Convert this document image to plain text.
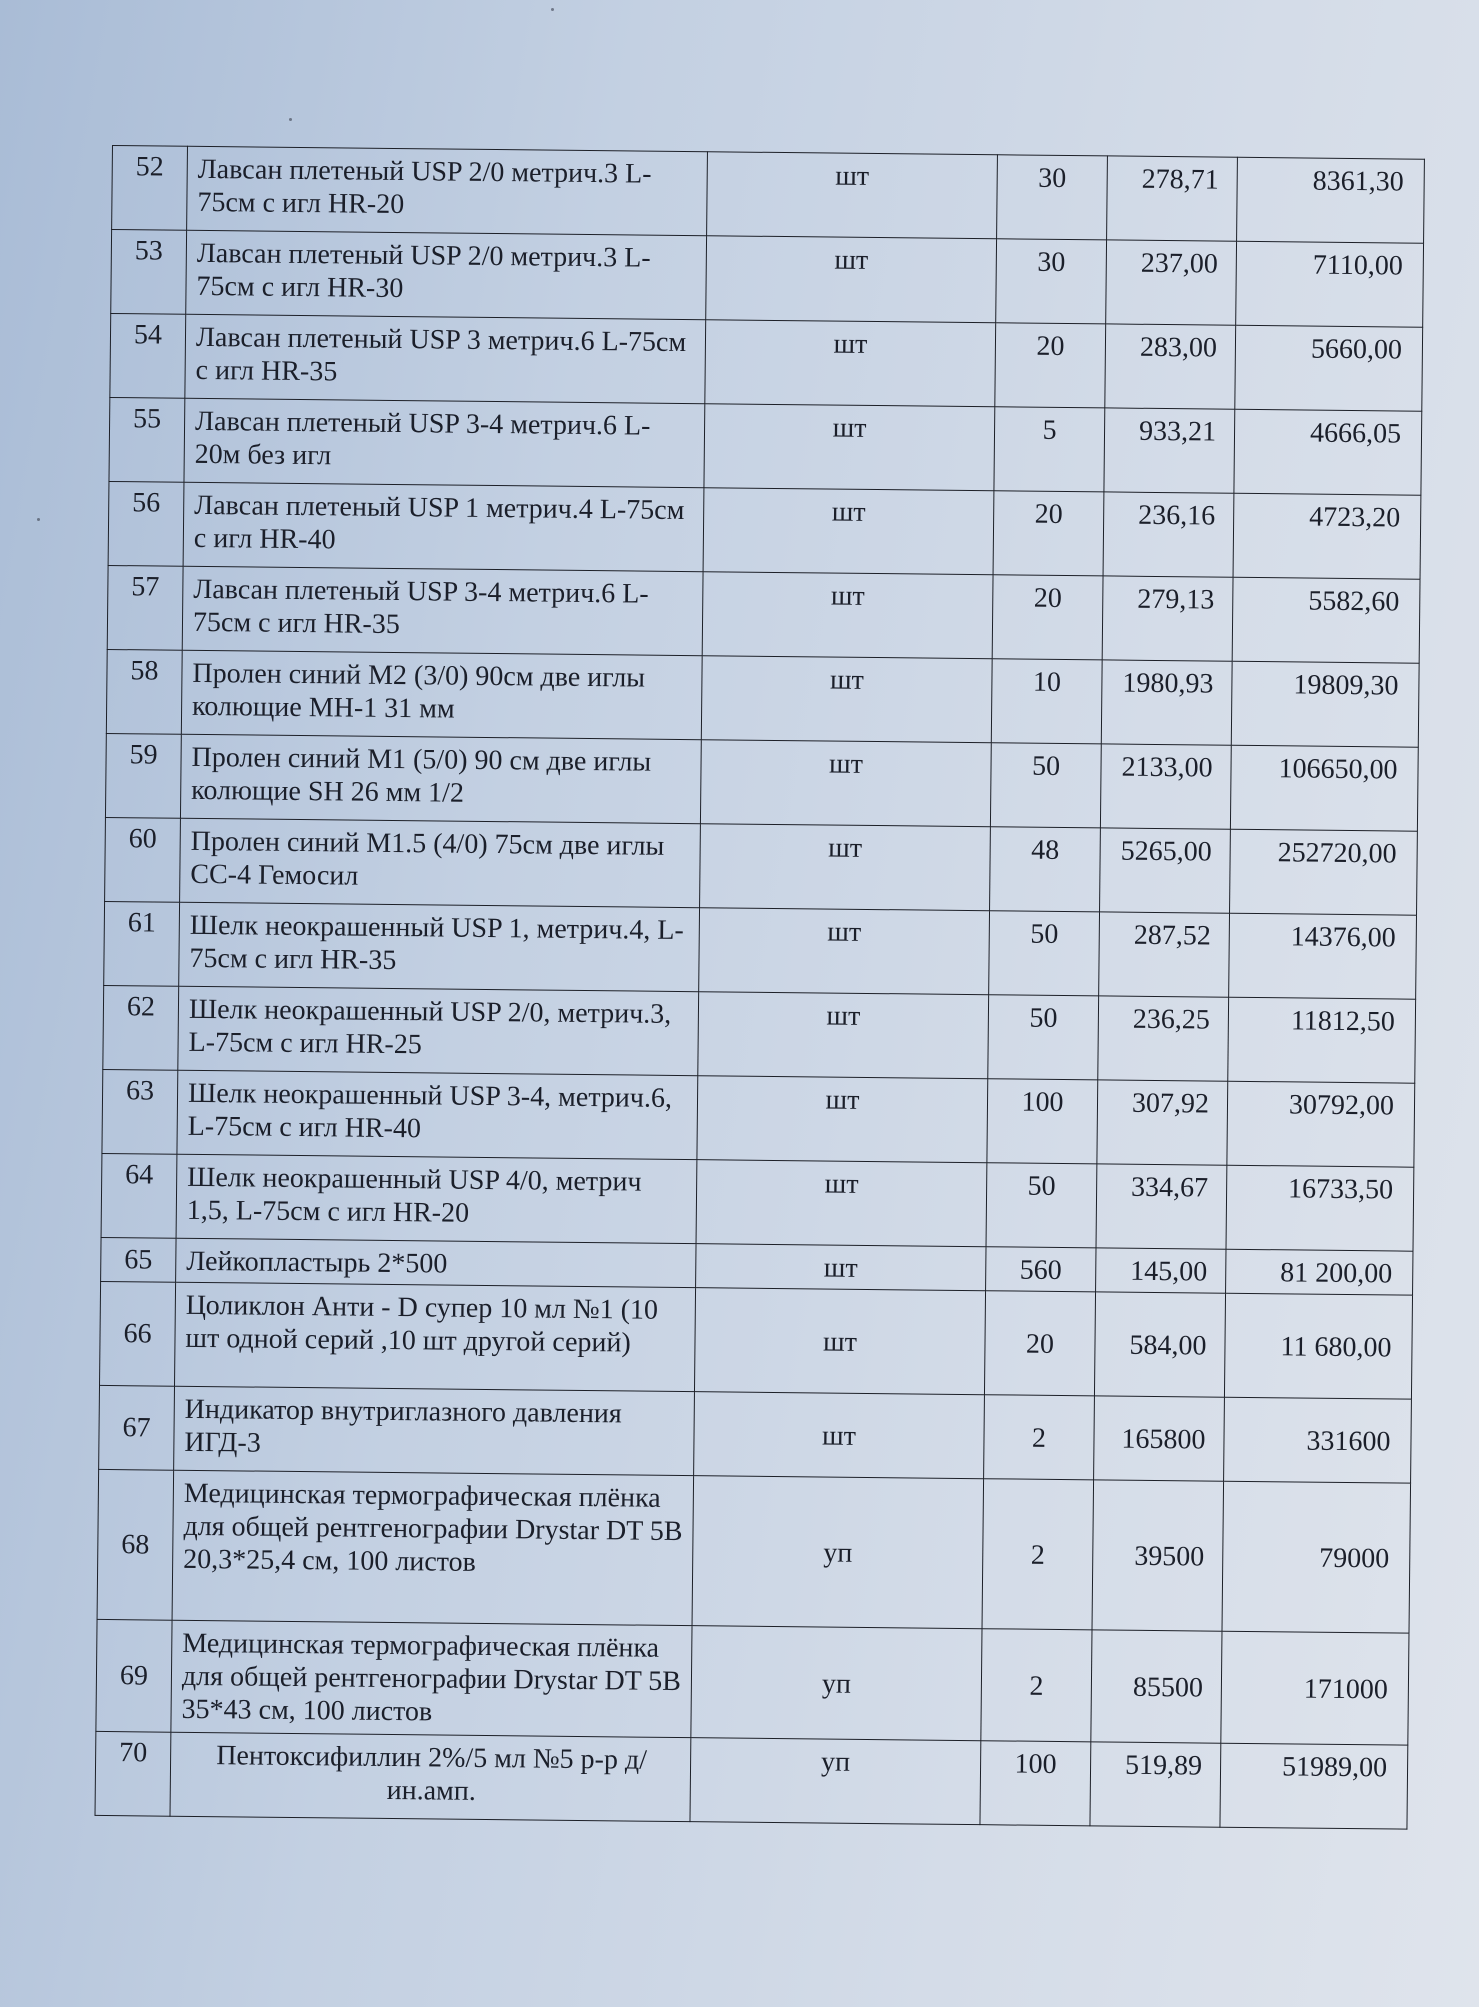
52	Лавсан плетеный USP 2/0 метрич.3 L-75см с игл HR-20	шт	30	278,71	8361,30
53	Лавсан плетеный USP 2/0 метрич.3 L-75см с игл HR-30	шт	30	237,00	7110,00
54	Лавсан плетеный USP 3 метрич.6 L-75см с игл HR-35	шт	20	283,00	5660,00
55	Лавсан плетеный USP 3-4 метрич.6 L-20м без игл	шт	5	933,21	4666,05
56	Лавсан плетеный USP 1 метрич.4 L-75см с игл HR-40	шт	20	236,16	4723,20
57	Лавсан плетеный USP 3-4 метрич.6 L-75см с игл HR-35	шт	20	279,13	5582,60
58	Пролен синий M2 (3/0) 90см две иглы колющие MH-1 31 мм	шт	10	1980,93	19809,30
59	Пролен синий M1 (5/0) 90 см две иглы колющие SH 26 мм 1/2	шт	50	2133,00	106650,00
60	Пролен синий M1.5 (4/0) 75см две иглы CC-4 Гемосил	шт	48	5265,00	252720,00
61	Шелк неокрашенный USP 1, метрич.4, L-75см с игл HR-35	шт	50	287,52	14376,00
62	Шелк неокрашенный USP 2/0, метрич.3, L-75см с игл HR-25	шт	50	236,25	11812,50
63	Шелк неокрашенный USP 3-4, метрич.6, L-75см с игл HR-40	шт	100	307,92	30792,00
64	Шелк неокрашенный USP 4/0, метрич 1,5, L-75см с игл HR-20	шт	50	334,67	16733,50
65	Лейкопластырь 2*500	шт	560	145,00	81 200,00
66	Цоликлон Анти - D супер 10 мл №1 (10 шт одной серий ,10 шт другой серий)	шт	20	584,00	11 680,00
67	Индикатор внутриглазного давления ИГД-3	шт	2	165800	331600
68	Медицинская термографическая плёнка для общей рентгенографии Drystar DT 5B 20,3*25,4 см, 100 листов	уп	2	39500	79000
69	Медицинская термографическая плёнка для общей рентгенографии Drystar DT 5B 35*43 см, 100 листов	уп	2	85500	171000
70	Пентоксифиллин 2%/5 мл №5 р-р д/ин.амп.	уп	100	519,89	51989,00
